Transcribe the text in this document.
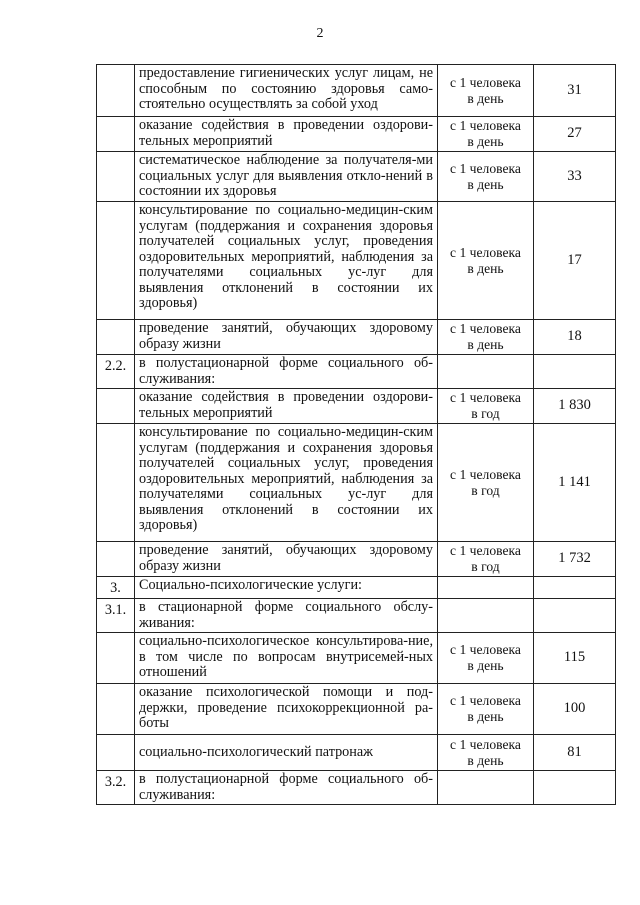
2
	предоставление гигиенических услуг лицам, не способным по состоянию здоровья само-стоятельно осуществлять за собой уход	с 1 человека
в день	31
	оказание содействия в проведении оздорови-тельных мероприятий	с 1 человека
в день	27
	систематическое наблюдение за получателя-ми социальных услуг для выявления откло-нений в состоянии их здоровья	с 1 человека
в день	33
	консультирование по социально-медицин-ским услугам (поддержания и сохранения здоровья получателей социальных услуг, проведения оздоровительных мероприятий, наблюдения за получателями социальных ус-луг для выявления отклонений в состоянии их здоровья)	с 1 человека
в день	17
	проведение занятий, обучающих здоровому образу жизни	с 1 человека
в день	18
2.2.	в полустационарной форме социального об-служивания:	

	оказание содействия в проведении оздорови-тельных мероприятий	с 1 человека
в год	1 830
	консультирование по социально-медицин-ским услугам (поддержания и сохранения здоровья получателей социальных услуг, проведения оздоровительных мероприятий, наблюдения за получателями социальных ус-луг для выявления отклонений в состоянии их здоровья)	с 1 человека
в год	1 141
	проведение занятий, обучающих здоровому образу жизни	с 1 человека
в год	1 732
3.	Социально-психологические услуги:	

3.1.	в стационарной форме социального обслу-живания:	

	социально-психологическое консультирова-ние, в том числе по вопросам внутрисемей-ных отношений	с 1 человека
в день	115
	оказание психологической помощи и под-держки, проведение психокоррекционной ра-боты	с 1 человека
в день	100
	социально-психологический патронаж	с 1 человека
в день	81
3.2.	в полустационарной форме социального об-служивания:	
